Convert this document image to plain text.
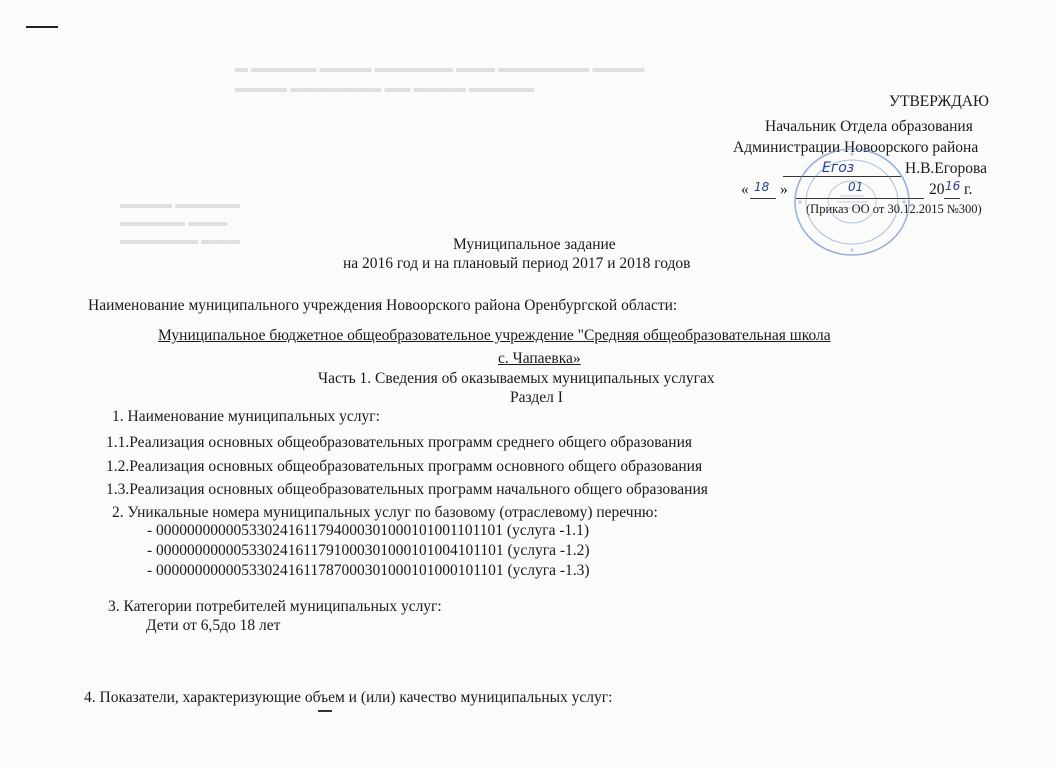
▬ ▬▬▬▬▬ ▬▬▬▬ ▬▬▬▬▬▬ ▬▬▬ ▬▬▬▬▬▬▬ ▬▬▬▬
▬▬▬▬ ▬▬▬▬▬▬▬ ▬▬ ▬▬▬▬ ▬▬▬▬▬
▬▬▬▬ ▬▬▬▬▬
▬▬▬▬▬ ▬▬▬
▬▬▬▬▬▬ ▬▬▬
УТВЕРЖДАЮ
Начальник Отдела образования
Администрации Новоорского района
Егоз	Н.В.Егорова
« 18 »	01	20 16 г.
(Приказ ОО от 30.12.2015 №300)
Муниципальное задание
на 2016 год и на плановый период 2017 и 2018 годов
Наименование муниципального учреждения Новоорского района Оренбургской области:
Муниципальное бюджетное общеобразовательное учреждение "Средняя общеобразовательная школа
с. Чапаевка»
Часть 1. Сведения об оказываемых муниципальных услугах
Раздел I
1. Наименование муниципальных услуг:
1.1.Реализация основных общеобразовательных программ среднего общего образования
1.2.Реализация основных общеобразовательных программ основного общего образования
1.3.Реализация основных общеобразовательных программ начального общего образования
2. Уникальные номера муниципальных услуг по базовому (отраслевому) перечню:
- 000000000005330241611794000301000101001101101 (услуга -1.1)
- 000000000005330241611791000301000101004101101 (услуга -1.2)
- 000000000005330241611787000301000101000101101 (услуга -1.3)
3. Категории потребителей муниципальных услуг:
Дети от 6,5до 18 лет
4. Показатели, характеризующие объем и (или) качество муниципальных услуг:
